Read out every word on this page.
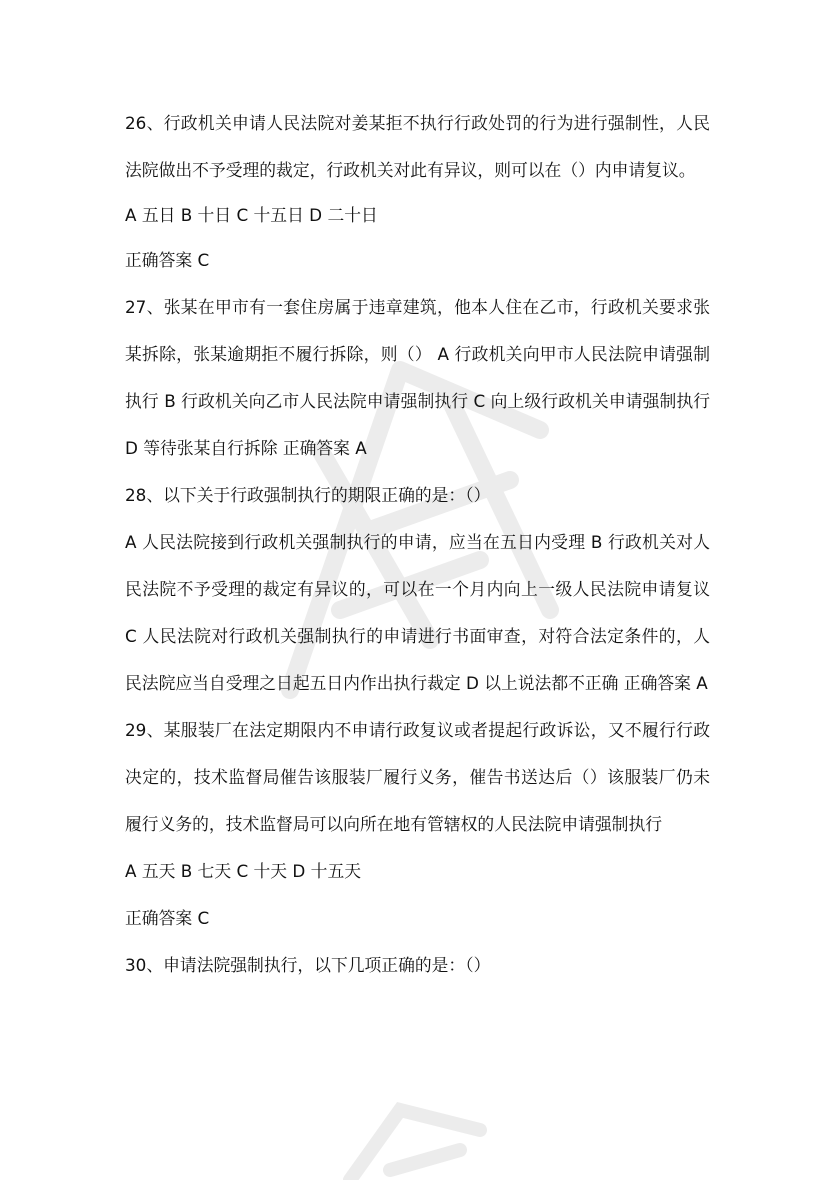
26、行政机关申请人民法院对姜某拒不执行行政处罚的行为进行强制性，人民法院做出不予受理的裁定，行政机关对此有异议，则可以在（）内申请复议。

A 五日 B 十日 C 十五日 D 二十日

正确答案 C

27、张某在甲市有一套住房属于违章建筑，他本人住在乙市，行政机关要求张某拆除，张某逾期拒不履行拆除，则（） A 行政机关向甲市人民法院申请强制执行 B 行政机关向乙市人民法院申请强制执行 C 向上级行政机关申请强制执行 D 等待张某自行拆除 正确答案 A

28、以下关于行政强制执行的期限正确的是：（）

A 人民法院接到行政机关强制执行的申请，应当在五日内受理 B 行政机关对人民法院不予受理的裁定有异议的，可以在一个月内向上一级人民法院申请复议 C 人民法院对行政机关强制执行的申请进行书面审查，对符合法定条件的，人民法院应当自受理之日起五日内作出执行裁定 D 以上说法都不正确 正确答案 A

29、某服装厂在法定期限内不申请行政复议或者提起行政诉讼，又不履行行政决定的，技术监督局催告该服装厂履行义务，催告书送达后（）该服装厂仍未履行义务的，技术监督局可以向所在地有管辖权的人民法院申请强制执行

A 五天 B 七天 C 十天 D 十五天

正确答案 C

30、申请法院强制执行，以下几项正确的是：（）
